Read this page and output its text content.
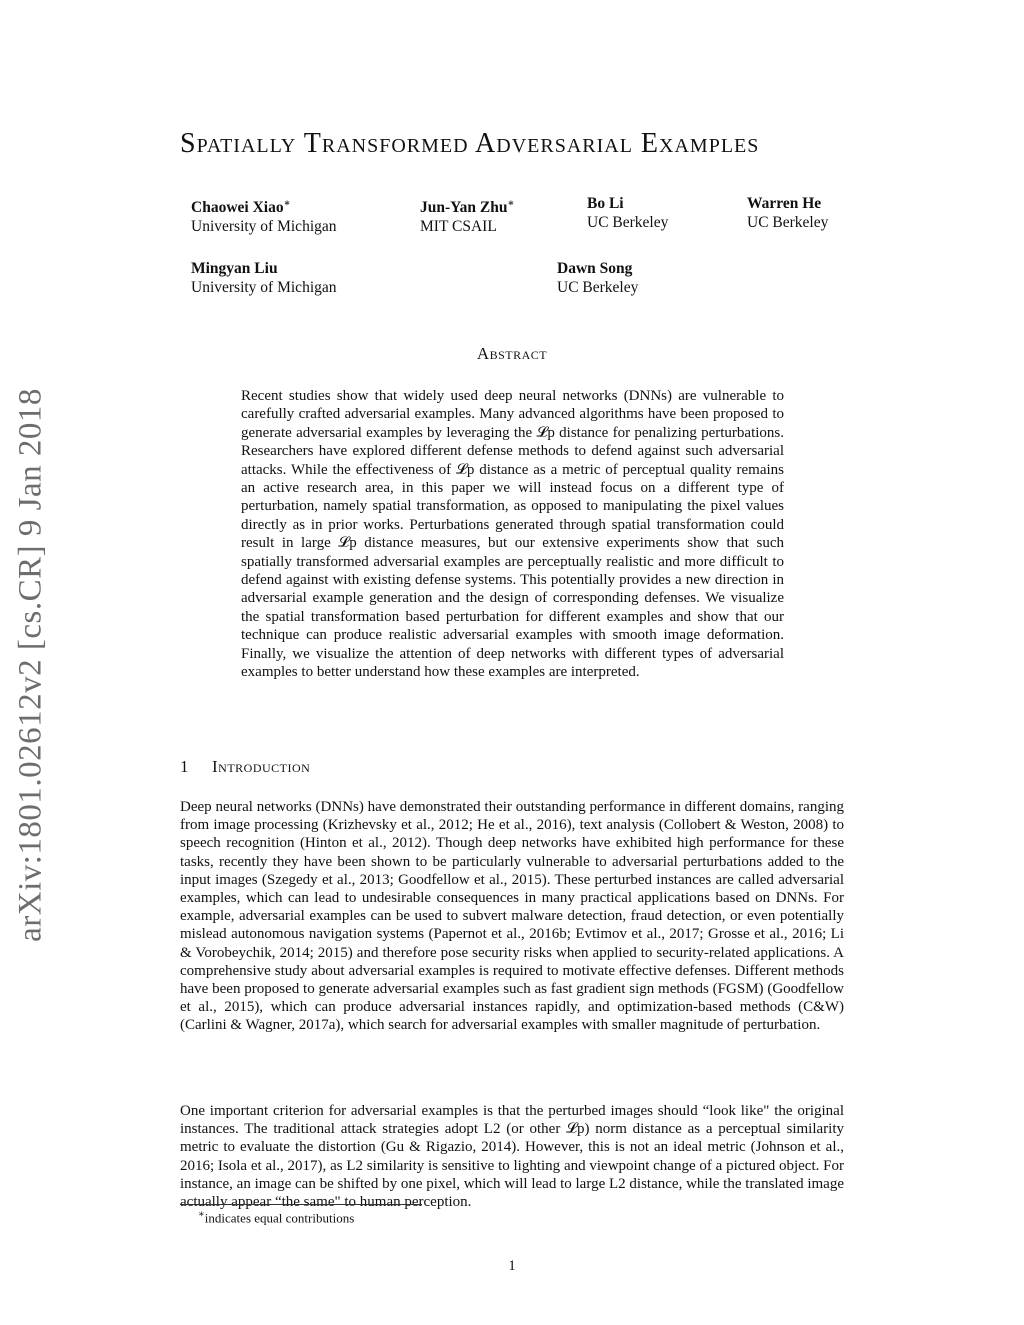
arXiv:1801.02612v2 [cs.CR] 9 Jan 2018
Spatially Transformed Adversarial Examples
Chaowei Xiao∗
University of Michigan
Jun-Yan Zhu∗
MIT CSAIL
Bo Li
UC Berkeley
Warren He
UC Berkeley
Mingyan Liu
University of Michigan
Dawn Song
UC Berkeley
Abstract
Recent studies show that widely used deep neural networks (DNNs) are vulnerable to carefully crafted adversarial examples. Many advanced algorithms have been proposed to generate adversarial examples by leveraging the 𝓛p distance for penalizing perturbations. Researchers have explored different defense methods to defend against such adversarial attacks. While the effectiveness of 𝓛p distance as a metric of perceptual quality remains an active research area, in this paper we will instead focus on a different type of perturbation, namely spatial transformation, as opposed to manipulating the pixel values directly as in prior works. Perturbations generated through spatial transformation could result in large 𝓛p distance measures, but our extensive experiments show that such spatially transformed adversarial examples are perceptually realistic and more difficult to defend against with existing defense systems. This potentially provides a new direction in adversarial example generation and the design of corresponding defenses. We visualize the spatial transformation based perturbation for different examples and show that our technique can produce realistic adversarial examples with smooth image deformation. Finally, we visualize the attention of deep networks with different types of adversarial examples to better understand how these examples are interpreted.
1 Introduction
Deep neural networks (DNNs) have demonstrated their outstanding performance in different domains, ranging from image processing (Krizhevsky et al., 2012; He et al., 2016), text analysis (Collobert & Weston, 2008) to speech recognition (Hinton et al., 2012). Though deep networks have exhibited high performance for these tasks, recently they have been shown to be particularly vulnerable to adversarial perturbations added to the input images (Szegedy et al., 2013; Goodfellow et al., 2015). These perturbed instances are called adversarial examples, which can lead to undesirable consequences in many practical applications based on DNNs. For example, adversarial examples can be used to subvert malware detection, fraud detection, or even potentially mislead autonomous navigation systems (Papernot et al., 2016b; Evtimov et al., 2017; Grosse et al., 2016; Li & Vorobeychik, 2014; 2015) and therefore pose security risks when applied to security-related applications. A comprehensive study about adversarial examples is required to motivate effective defenses. Different methods have been proposed to generate adversarial examples such as fast gradient sign methods (FGSM) (Goodfellow et al., 2015), which can produce adversarial instances rapidly, and optimization-based methods (C&W) (Carlini & Wagner, 2017a), which search for adversarial examples with smaller magnitude of perturbation.
One important criterion for adversarial examples is that the perturbed images should “look like" the original instances. The traditional attack strategies adopt L2 (or other 𝓛p) norm distance as a perceptual similarity metric to evaluate the distortion (Gu & Rigazio, 2014). However, this is not an ideal metric (Johnson et al., 2016; Isola et al., 2017), as L2 similarity is sensitive to lighting and viewpoint change of a pictured object. For instance, an image can be shifted by one pixel, which will lead to large L2 distance, while the translated image actually appear “the same" to human perception.
∗indicates equal contributions
1
